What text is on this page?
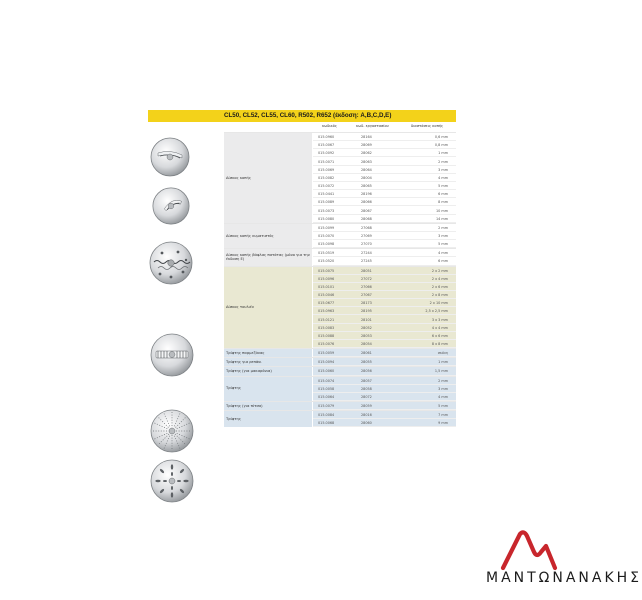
CL50, CL52, CL55, CL60, R502, R652 (έκδοση: A,B,C,D,E)
κωδικός	κωδ. εργοστασίου	διαστάσεις κοπής
Δίσκος κοπής
015.0960	28164	0,6 mm
015.0067	28069	0,8 mm
015.0092	28062	1 mm
015.0071	28063	2 mm
015.0069	28064	3 mm
015.0082	28004	4 mm
015.0072	28065	5 mm
015.0441	28196	6 mm
015.0089	28066	8 mm
015.0073	28067	10 mm
015.0080	28068	14 mm
Δίσκος κοπής κυματιστός
015.0099	27068	2 mm
015.0070	27069	3 mm
015.0098	27070	5 mm
Δίσκος κοπής βάφλας πατάτας (μόνο για την έκδοση E)
015.0519	27244	4 mm
015.0520	27245	6 mm
Δίσκος τουλιέν
015.0075	28051	2 x 2 mm
015.0096	27072	2 x 4 mm
015.0101	27066	2 x 6 mm
015.0046	27067	2 x 8 mm
015.0677	28173	2 x 10 mm
015.0963	28195	2,5 x 2,5 mm
015.0121	28101	3 x 3 mm
015.0083	28052	4 x 4 mm
015.0088	28053	6 x 6 mm
015.0076	28054	8 x 8 mm
Τρίφτης παρμεζάνας	015.0059	28061	σκόνη
Τρίφτης για ρεπάνι	015.0094	28055	1 mm
Τρίφτης (για μακαρόνια)	015.0060	28056	1,5 mm
Τρίφτης
015.0074	28057	2 mm
015.0058	28058	3 mm
015.0064	28072	4 mm
Τρίφτης (για πίτσα)	015.0079	28059	5 mm
Τρίφτης
015.0084	28016	7 mm
015.0068	28060	9 mm
ΜΑΝΤΩΝΑΝΑΚΗΣ
